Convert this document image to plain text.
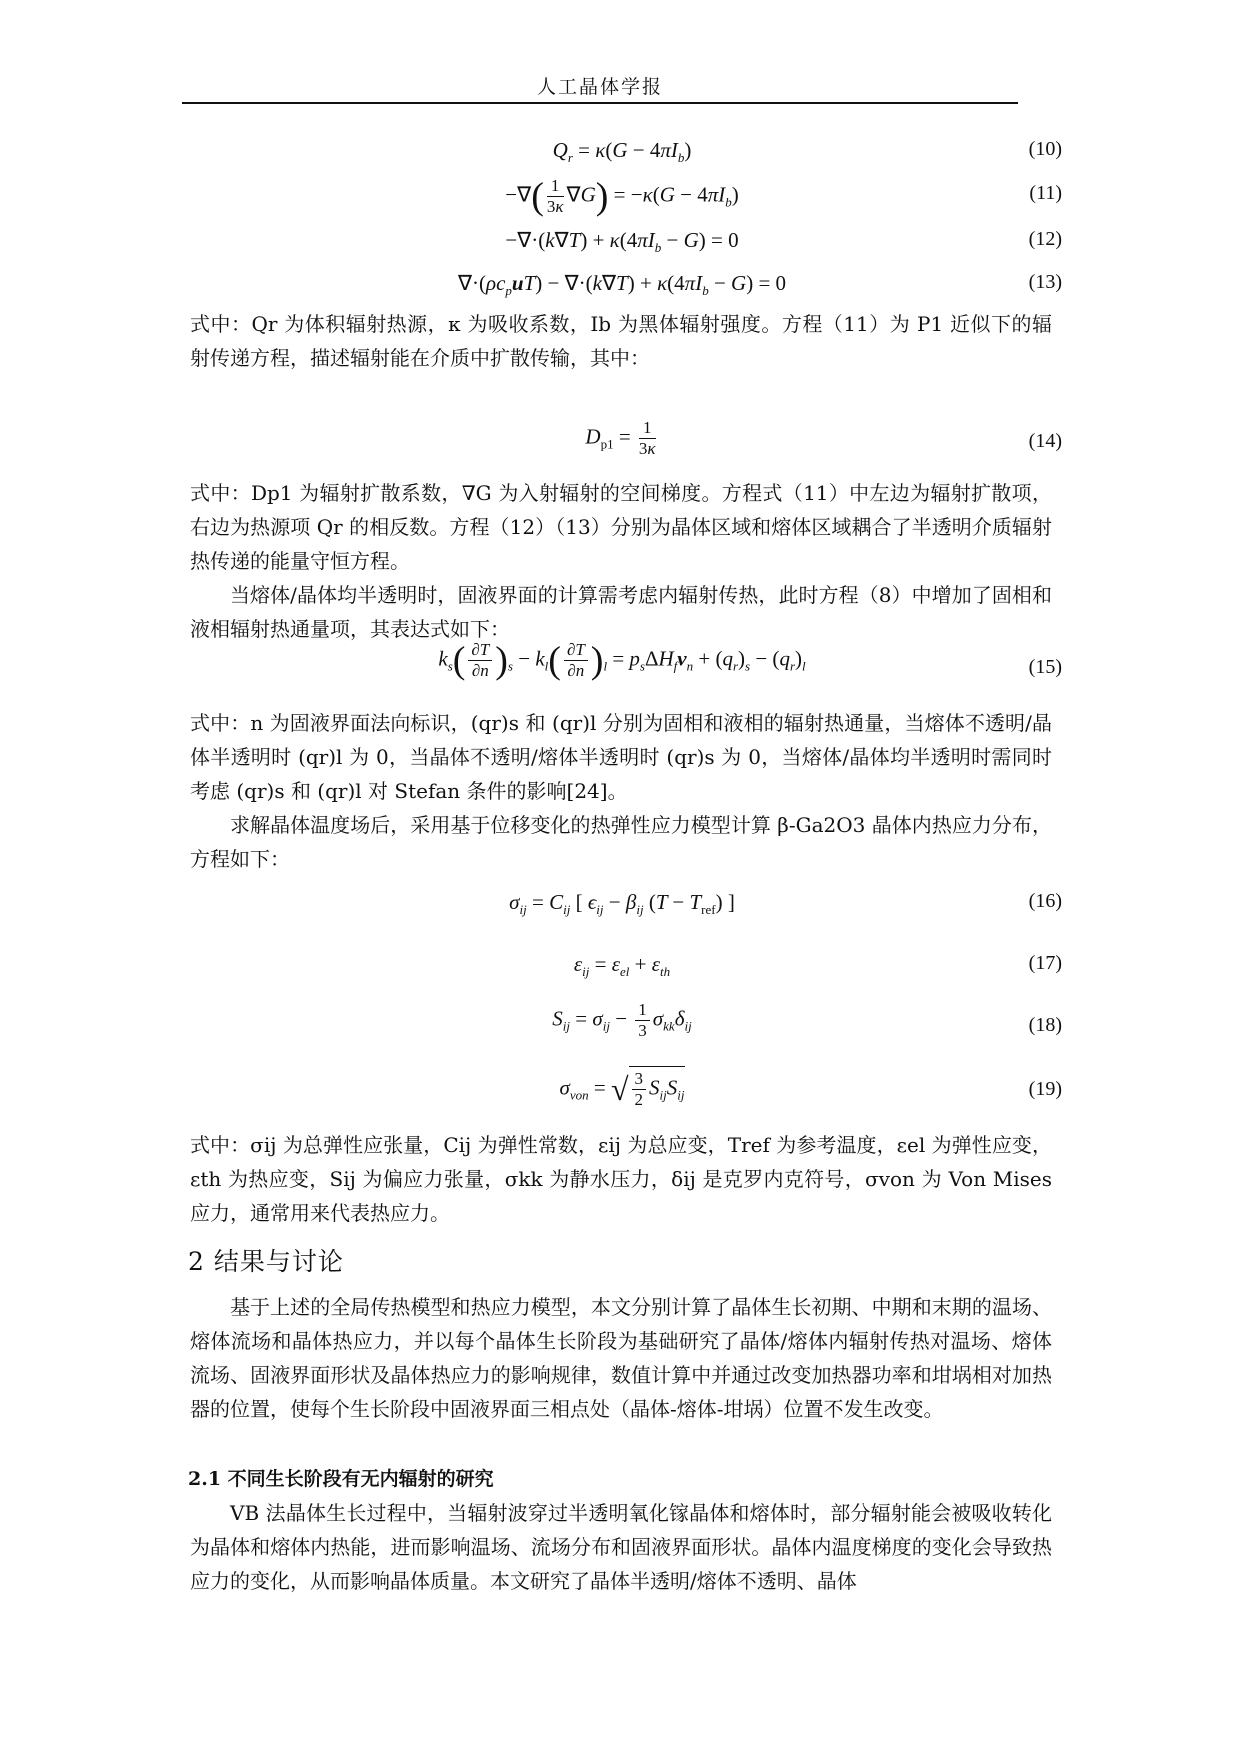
人工晶体学报
$Q_r = \kappa(G - 4\pi I_b)$	(10)
−∇( $\frac{1}{3\kappa} \nabla G) = -\kappa(G - 4\pi I_b)$	(11)
$-\nabla\cdot(k\nabla T) + \kappa(4\pi I_b - G) = 0$	(12)
$\nabla\cdot(\rho c_puT) - \nabla\cdot(k\nabla T) + \kappa(4\pi I_b - G) = 0$	(13)
式中：Qr 为体积辐射热源，κ 为吸收系数，Ib 为黑体辐射强度。方程（11）为 P1 近似下的辐射传递方程，描述辐射能在介质中扩散传输，其中：
$D_{p1} = \frac{1}{3\kappa}$	(14)
式中：Dp1 为辐射扩散系数，∇G 为入射辐射的空间梯度。方程式（11）中左边为辐射扩散项，右边为热源项 Qr 的相反数。方程（12）（13）分别为晶体区域和熔体区域耦合了半透明介质辐射热传递的能量守恒方程。
当熔体/晶体均半透明时，固液界面的计算需考虑内辐射传热，此时方程（8）中增加了固相和液相辐射热通量项，其表达式如下：
$k_s( \frac{\partial T}{\partial n} )_s - k_l( \frac{\partial T}{\partial n} )_l = p_s\Delta H_fv_n + (q_r)_s - (q_r)_l$	(15)
式中：n 为固液界面法向标识，(qr)s 和 (qr)l 分别为固相和液相的辐射热通量，当熔体不透明/晶体半透明时 (qr)l 为 0，当晶体不透明/熔体半透明时 (qr)s 为 0，当熔体/晶体均半透明时需同时考虑 (qr)s 和 (qr)l 对 Stefan 条件的影响[24]。
求解晶体温度场后，采用基于位移变化的热弹性应力模型计算 β-Ga2O3 晶体内热应力分布，方程如下：
$\sigma_{ij} = C_{ij}$ [ $\epsilon_{ij} - \beta_{ij}$ $(T - T_{ref})$ ]	(16)
$\varepsilon_{ij} = \varepsilon_{el} + \varepsilon_{th}$	(17)
$S_{ij} = \sigma_{ij} - \frac{1}{3} \sigma_{kk}\delta_{ij}$	(18)
$\sigma_{von}$ = √ $\frac{3}{2} S_{ij}S_{ij}$	(19)
式中：σij 为总弹性应张量，Cij 为弹性常数，εij 为总应变，Tref 为参考温度，εel 为弹性应变，εth 为热应变，Sij 为偏应力张量，σkk 为静水压力，δij 是克罗内克符号，σvon 为 Von Mises 应力，通常用来代表热应力。
2 结果与讨论
基于上述的全局传热模型和热应力模型，本文分别计算了晶体生长初期、中期和末期的温场、熔体流场和晶体热应力，并以每个晶体生长阶段为基础研究了晶体/熔体内辐射传热对温场、熔体流场、固液界面形状及晶体热应力的影响规律，数值计算中并通过改变加热器功率和坩埚相对加热器的位置，使每个生长阶段中固液界面三相点处（晶体-熔体-坩埚）位置不发生改变。
2.1 不同生长阶段有无内辐射的研究
VB 法晶体生长过程中，当辐射波穿过半透明氧化镓晶体和熔体时，部分辐射能会被吸收转化为晶体和熔体内热能，进而影响温场、流场分布和固液界面形状。晶体内温度梯度的变化会导致热应力的变化，从而影响晶体质量。本文研究了晶体半透明/熔体不透明、晶体
